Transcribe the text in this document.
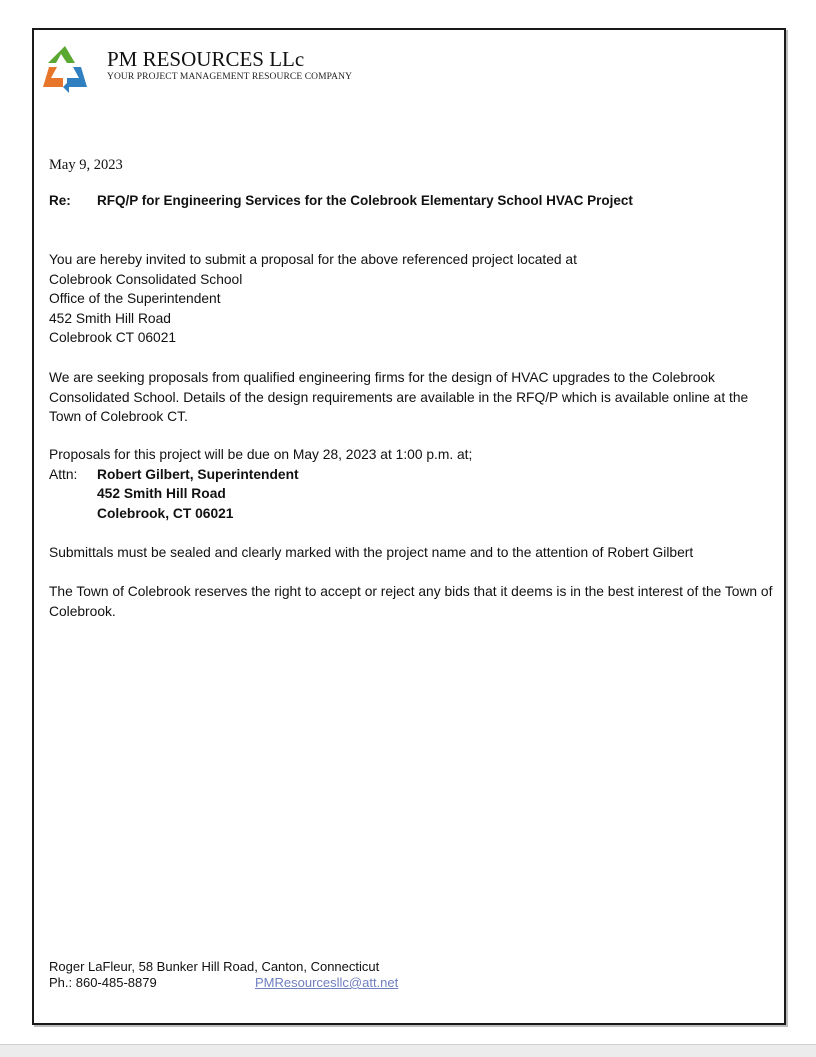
PM RESOURCES LLc
YOUR PROJECT MANAGEMENT RESOURCE COMPANY
May 9, 2023
Re: RFQ/P for Engineering Services for the Colebrook Elementary School HVAC Project
You are hereby invited to submit a proposal for the above referenced project located at
Colebrook Consolidated School
Office of the Superintendent
452 Smith Hill Road
Colebrook CT 06021
We are seeking proposals from qualified engineering firms for the design of HVAC upgrades to the Colebrook Consolidated School. Details of the design requirements are available in the RFQ/P which is available online at the Town of Colebrook CT.
Proposals for this project will be due on May 28, 2023 at 1:00 p.m. at;
Attn:	Robert Gilbert, Superintendent
452 Smith Hill Road
Colebrook, CT 06021
Submittals must be sealed and clearly marked with the project name and to the attention of Robert Gilbert
The Town of Colebrook reserves the right to accept or reject any bids that it deems is in the best interest of the Town of Colebrook.
Roger LaFleur, 58 Bunker Hill Road, Canton, Connecticut
Ph.: 860-485-8879	PMResourcesllc@att.net
